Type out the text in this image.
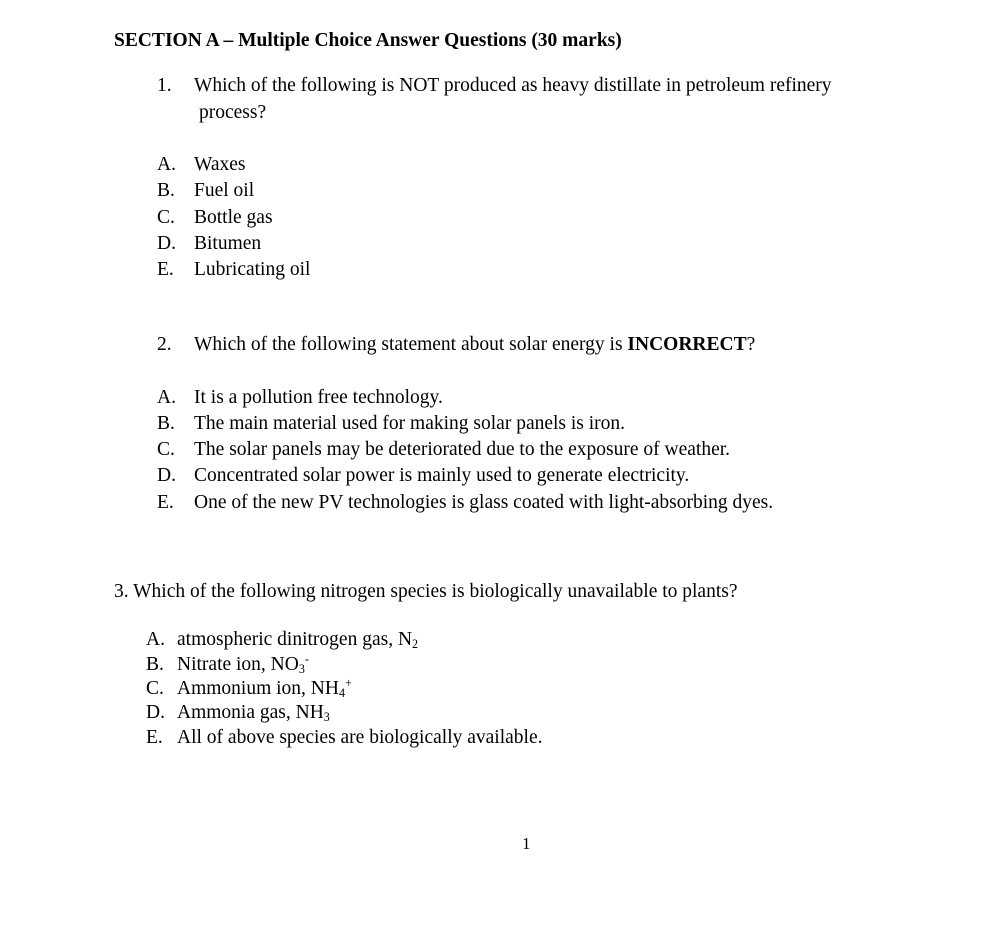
SECTION A – Multiple Choice Answer Questions (30 marks)
1. Which of the following is NOT produced as heavy distillate in petroleum refinery
process?
A. Waxes
B. Fuel oil
C. Bottle gas
D. Bitumen
E. Lubricating oil
2. Which of the following statement about solar energy is INCORRECT?
A. It is a pollution free technology.
B. The main material used for making solar panels is iron.
C. The solar panels may be deteriorated due to the exposure of weather.
D. Concentrated solar power is mainly used to generate electricity.
E. One of the new PV technologies is glass coated with light-absorbing dyes.
3. Which of the following nitrogen species is biologically unavailable to plants?
A. atmospheric dinitrogen gas, $N_2$
B. Nitrate ion, $NO_3^-$
C. Ammonium ion, $NH_4^+$
D. Ammonia gas, $NH_3$
E. All of above species are biologically available.
1
